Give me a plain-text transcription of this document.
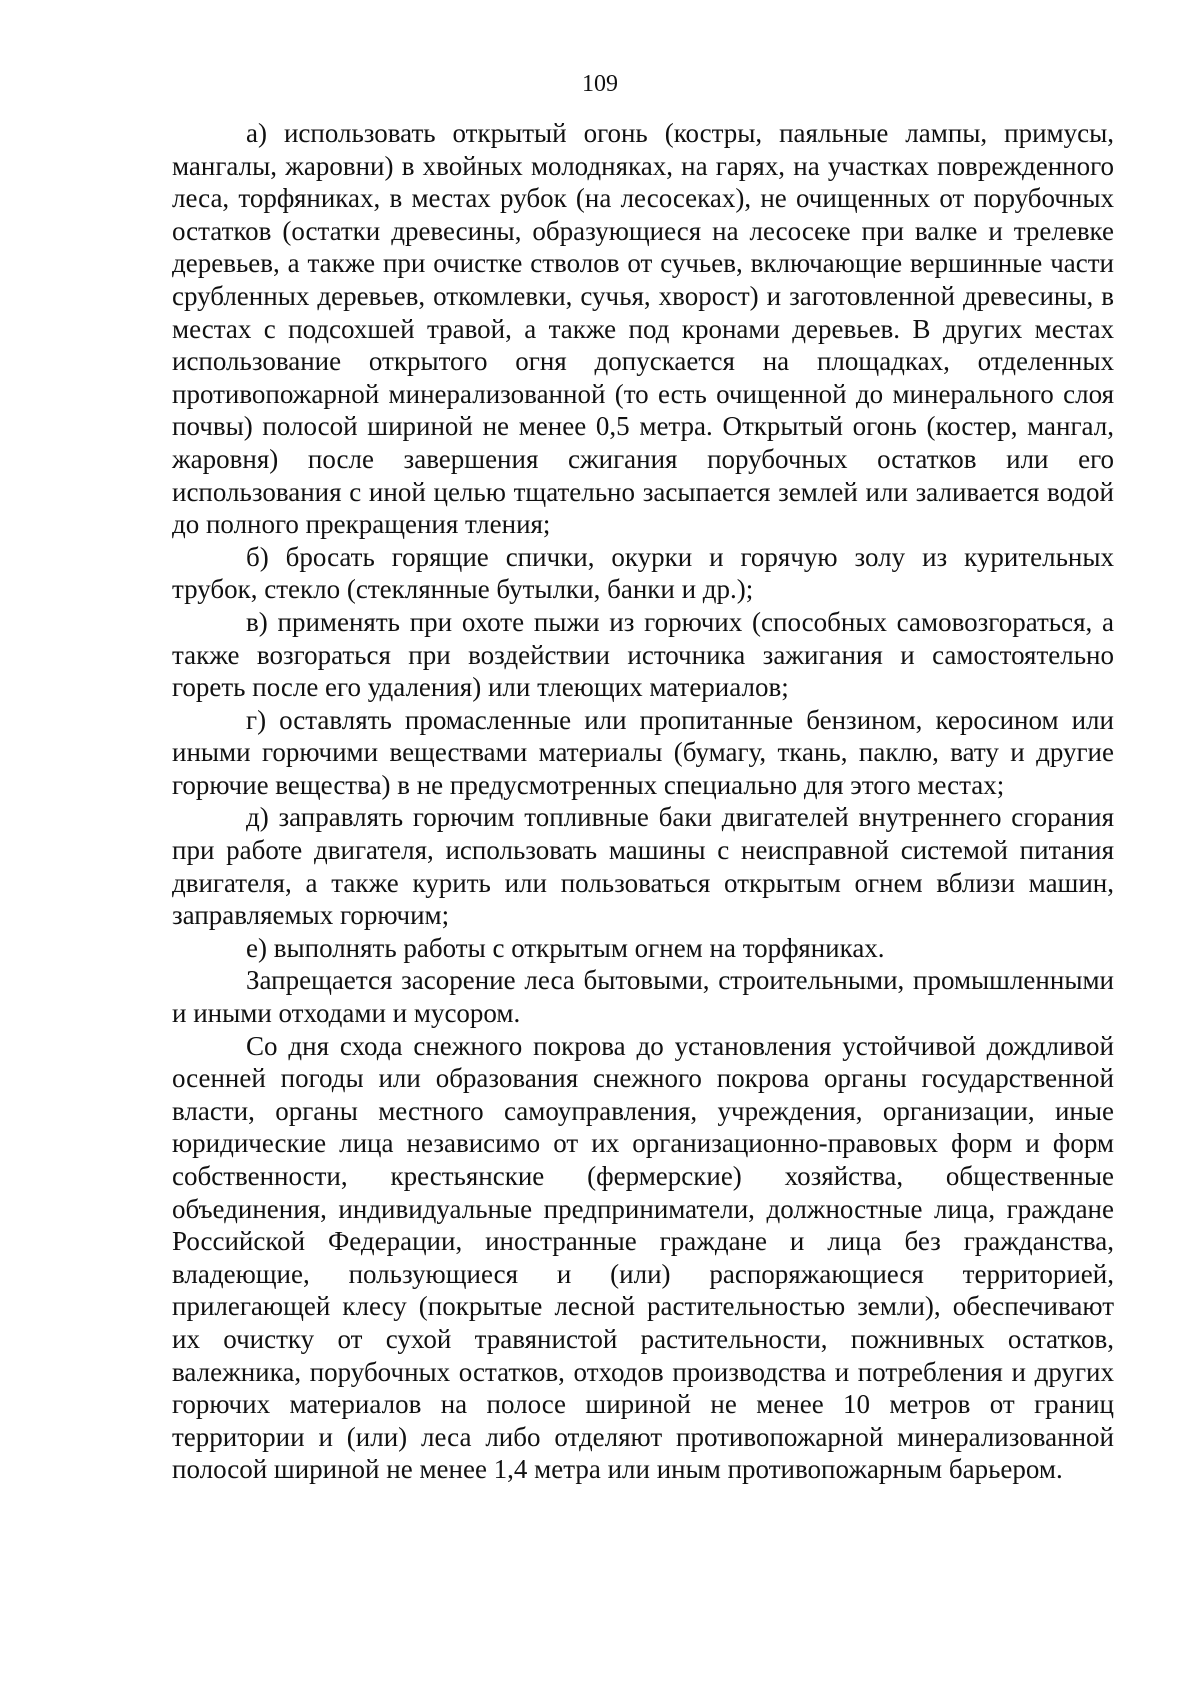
109

а) использовать открытый огонь (костры, паяльные лампы, примусы, мангалы, жаровни) в хвойных молодняках, на гарях, на участках поврежденного леса, торфяниках, в местах рубок (на лесосеках), не очищенных от порубочных остатков (остатки древесины, образующиеся на лесосеке при валке и трелевке деревьев, а также при очистке стволов от сучьев, включающие вершинные части срубленных деревьев, откомлевки, сучья, хворост) и заготовленной древесины, в местах с подсохшей травой, а также под кронами деревьев. В других местах использование открытого огня допускается на площадках, отделенных противопожарной минерализованной (то есть очищенной до минерального слоя почвы) полосой шириной не менее 0,5 метра. Открытый огонь (костер, мангал, жаровня) после завершения сжигания порубочных остатков или его использования с иной целью тщательно засыпается землей или заливается водой до полного прекращения тления;

б) бросать горящие спички, окурки и горячую золу из курительных трубок, стекло (стеклянные бутылки, банки и др.);

в) применять при охоте пыжи из горючих (способных самовозгораться, а также возгораться при воздействии источника зажигания и самостоятельно гореть после его удаления) или тлеющих материалов;

г) оставлять промасленные или пропитанные бензином, керосином или иными горючими веществами материалы (бумагу, ткань, паклю, вату и другие горючие вещества) в не предусмотренных специально для этого местах;

д) заправлять горючим топливные баки двигателей внутреннего сгорания при работе двигателя, использовать машины с неисправной системой питания двигателя, а также курить или пользоваться открытым огнем вблизи машин, заправляемых горючим;

е) выполнять работы с открытым огнем на торфяниках.

Запрещается засорение леса бытовыми, строительными, промышленными и иными отходами и мусором.

Со дня схода снежного покрова до установления устойчивой дождливой осенней погоды или образования снежного покрова органы государственной власти, органы местного самоуправления, учреждения, организации, иные юридические лица независимо от их организационно-правовых форм и форм собственности, крестьянские (фермерские) хозяйства, общественные объединения, индивидуальные предприниматели, должностные лица, граждане Российской Федерации, иностранные граждане и лица без гражданства, владеющие, пользующиеся и (или) распоряжающиеся территорией, прилегающей клесу (покрытые лесной растительностью земли), обеспечивают их очистку от сухой травянистой растительности, пожнивных остатков, валежника, порубочных остатков, отходов производства и потребления и других горючих материалов на полосе шириной не менее 10 метров от границ территории и (или) леса либо отделяют противопожарной минерализованной полосой шириной не менее 1,4 метра или иным противопожарным барьером.
